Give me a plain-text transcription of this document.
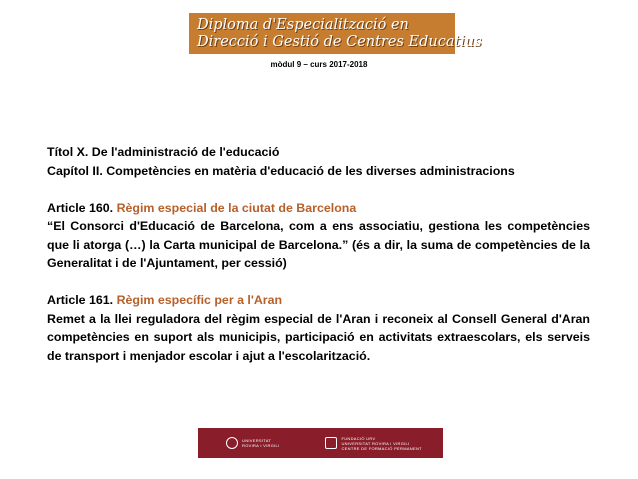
Diploma d'Especialització en
Direcció i Gestió de Centres Educatius
mòdul 9 – curs 2017-2018

Títol X. De l'administració de l'educació

Capítol II. Competències en matèria d'educació de les diverses administracions

Article 160. Règim especial de la ciutat de Barcelona

“El Consorci d'Educació de Barcelona, com a ens associatiu, gestiona les competències que li atorga (…) la Carta municipal de Barcelona.” (és a dir, la suma de competències de la Generalitat i de l'Ajuntament, per cessió)

Article 161. Règim específic per a l'Aran

Remet a la llei reguladora del règim especial de l'Aran i reconeix al Consell General d'Aran competències en suport als municipis, participació en activitats extraescolars, els serveis de transport i menjador escolar i ajut a l'escolarització.

UNIVERSITAT
ROVIRA I VIRGILI
FUNDACIÓ URV
UNIVERSITAT ROVIRA I VIRGILI
CENTRE DE FORMACIÓ PERMANENT
